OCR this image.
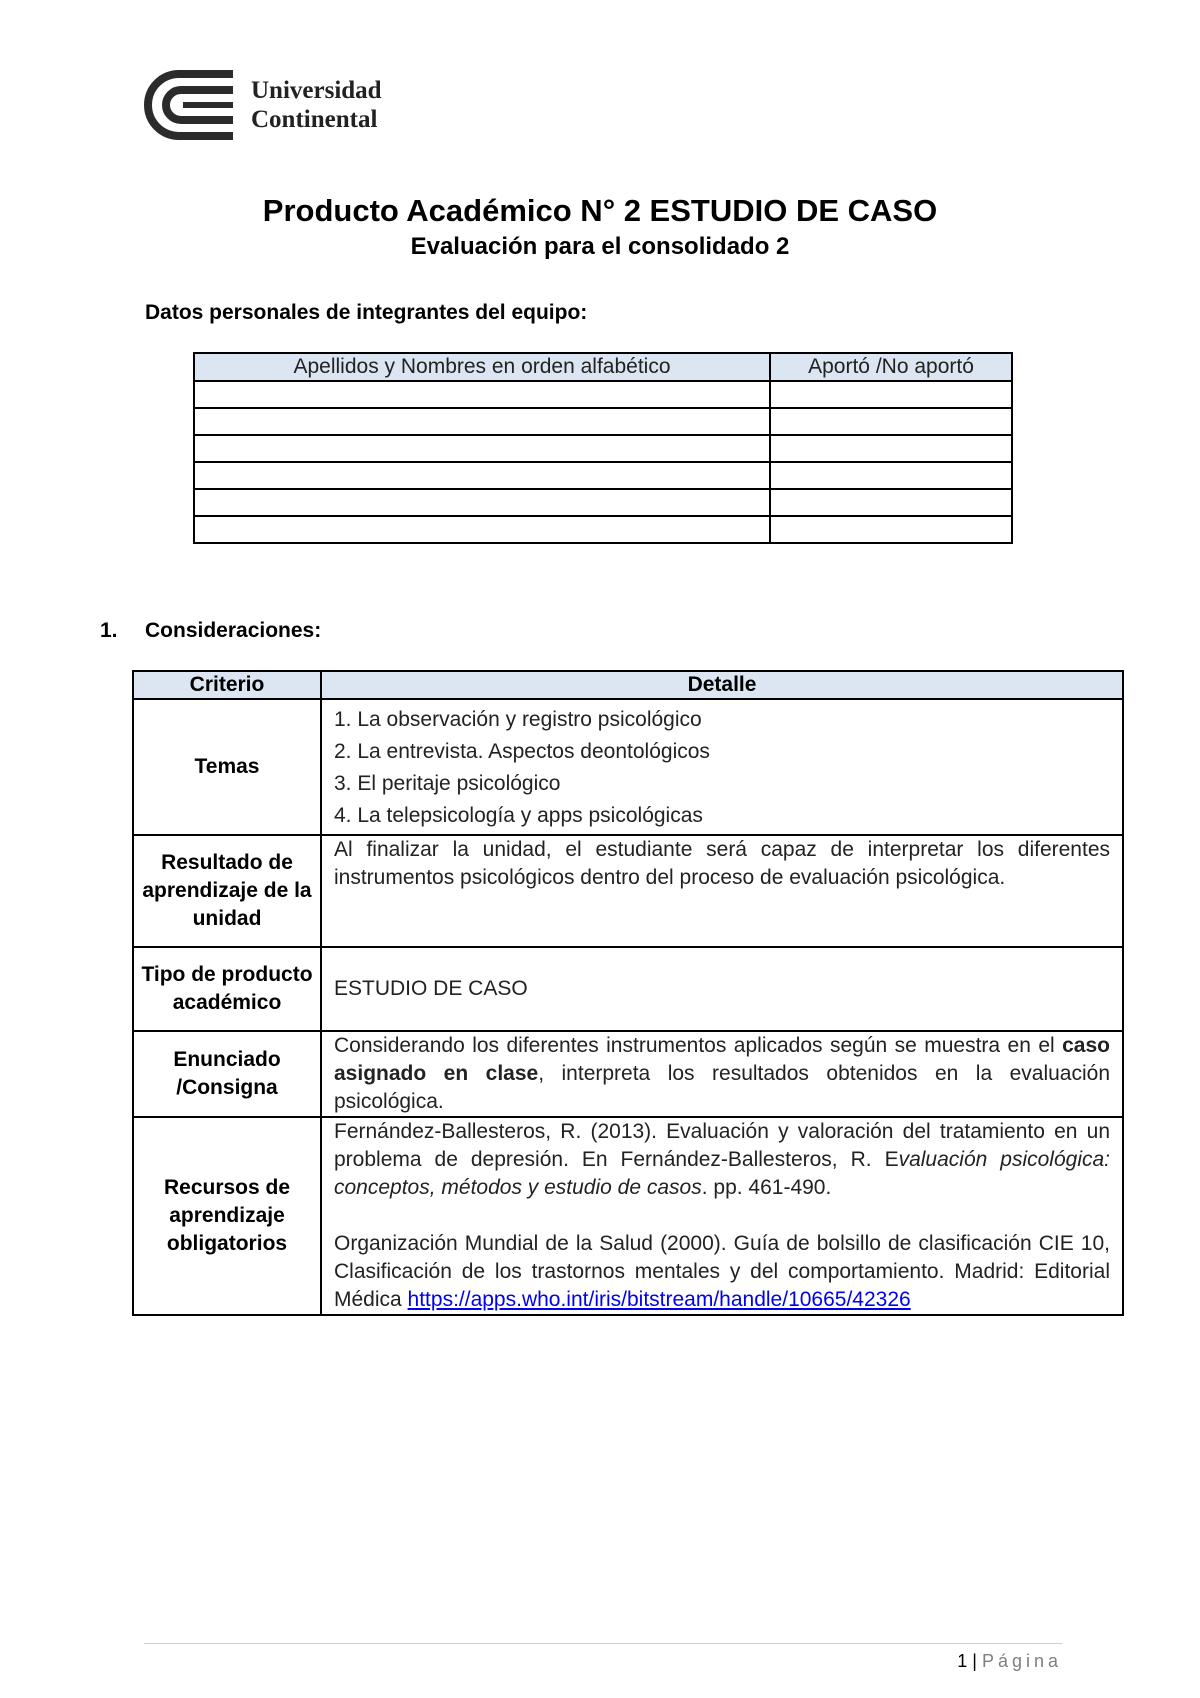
Universidad
Continental
Producto Académico N° 2 ESTUDIO DE CASO
Evaluación para el consolidado 2
Datos personales de integrantes del equipo:
Apellidos y Nombres en orden alfabético	Aportó /No aportó

1. Consideraciones:
Criterio	Detalle
Temas	1. La observación y registro psicológico
2. La entrevista. Aspectos deontológicos
3. El peritaje psicológico
4. La telepsicología y apps psicológicas

Resultado de aprendizaje de la unidad	Al finalizar la unidad, el estudiante será capaz de interpretar los diferentes instrumentos psicológicos dentro del proceso de evaluación psicológica.
Tipo de producto académico	ESTUDIO DE CASO

Enunciado
/Consigna	Considerando los diferentes instrumentos aplicados según se muestra en el caso asignado en clase, interpreta los resultados obtenidos en la evaluación psicológica.
Recursos de aprendizaje obligatorios	Fernández-Ballesteros, R. (2013). Evaluación y valoración del tratamiento en un problema de depresión. En Fernández-Ballesteros, R. Evaluación psicológica: conceptos, métodos y estudio de casos. pp. 461-490.
Organización Mundial de la Salud (2000). Guía de bolsillo de clasificación CIE 10, Clasificación de los trastornos mentales y del comportamiento. Madrid: Editorial Médica https://apps.who.int/iris/bitstream/handle/10665/42326
1 | Página
